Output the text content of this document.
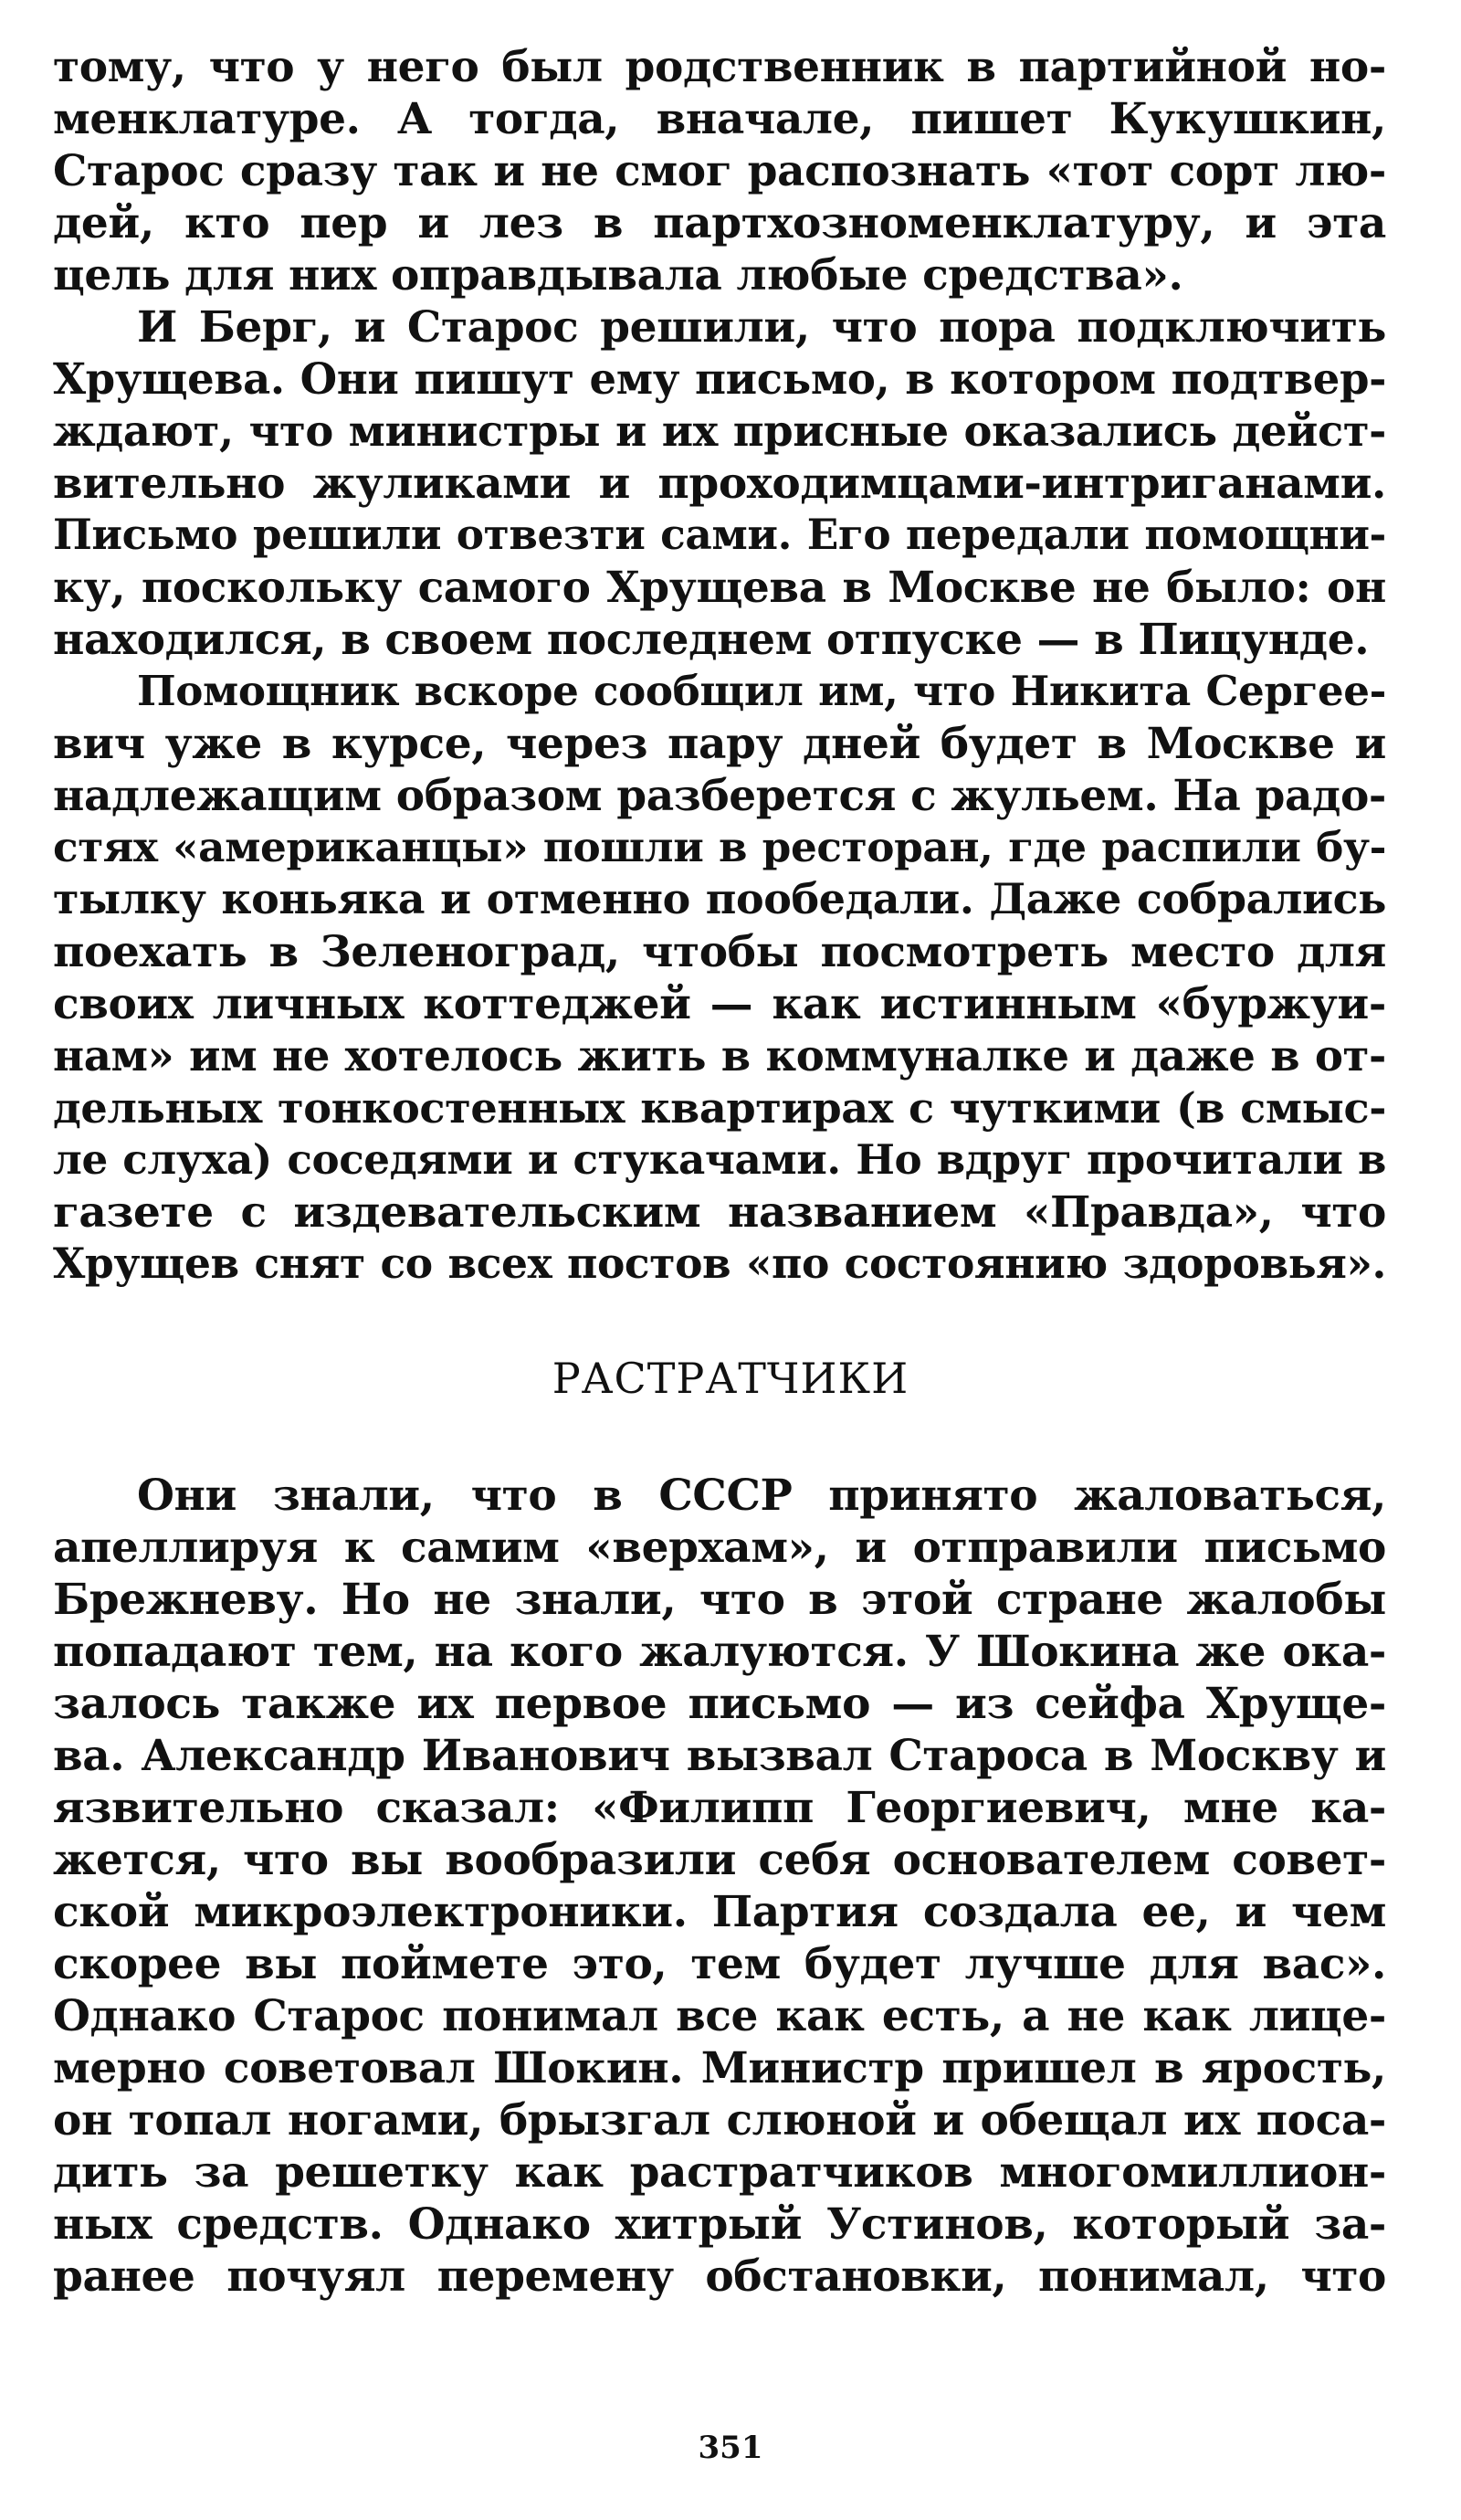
тому, что у него был родственник в партийной но-
менклатуре. А тогда, вначале, пишет Кукушкин,
Старос сразу так и не смог распознать «тот сорт лю-
дей, кто пер и лез в партхозноменклатуру, и эта
цель для них оправдывала любые средства».
И Берг, и Старос решили, что пора подключить
Хрущева. Они пишут ему письмо, в котором подтвер-
ждают, что министры и их присные оказались дейст-
вительно жуликами и проходимцами-интриганами.
Письмо решили отвезти сами. Его передали помощни-
ку, поскольку самого Хрущева в Москве не было: он
находился, в своем последнем отпуске — в Пицунде.
Помощник вскоре сообщил им, что Никита Сергее-
вич уже в курсе, через пару дней будет в Москве и
надлежащим образом разберется с жульем. На радо-
стях «американцы» пошли в ресторан, где распили бу-
тылку коньяка и отменно пообедали. Даже собрались
поехать в Зеленоград, чтобы посмотреть место для
своих личных коттеджей — как истинным «буржуи-
нам» им не хотелось жить в коммуналке и даже в от-
дельных тонкостенных квартирах с чуткими (в смыс-
ле слуха) соседями и стукачами. Но вдруг прочитали в
газете с издевательским названием «Правда», что
Хрущев снят со всех постов «по состоянию здоровья».
РАСТРАТЧИКИ
Они знали, что в СССР принято жаловаться,
апеллируя к самим «верхам», и отправили письмо
Брежневу. Но не знали, что в этой стране жалобы
попадают тем, на кого жалуются. У Шокина же ока-
залось также их первое письмо — из сейфа Хруще-
ва. Александр Иванович вызвал Староса в Москву и
язвительно сказал: «Филипп Георгиевич, мне ка-
жется, что вы вообразили себя основателем совет-
ской микроэлектроники. Партия создала ее, и чем
скорее вы поймете это, тем будет лучше для вас».
Однако Старос понимал все как есть, а не как лице-
мерно советовал Шокин. Министр пришел в ярость,
он топал ногами, брызгал слюной и обещал их поса-
дить за решетку как растратчиков многомиллион-
ных средств. Однако хитрый Устинов, который за-
ранее почуял перемену обстановки, понимал, что
351
